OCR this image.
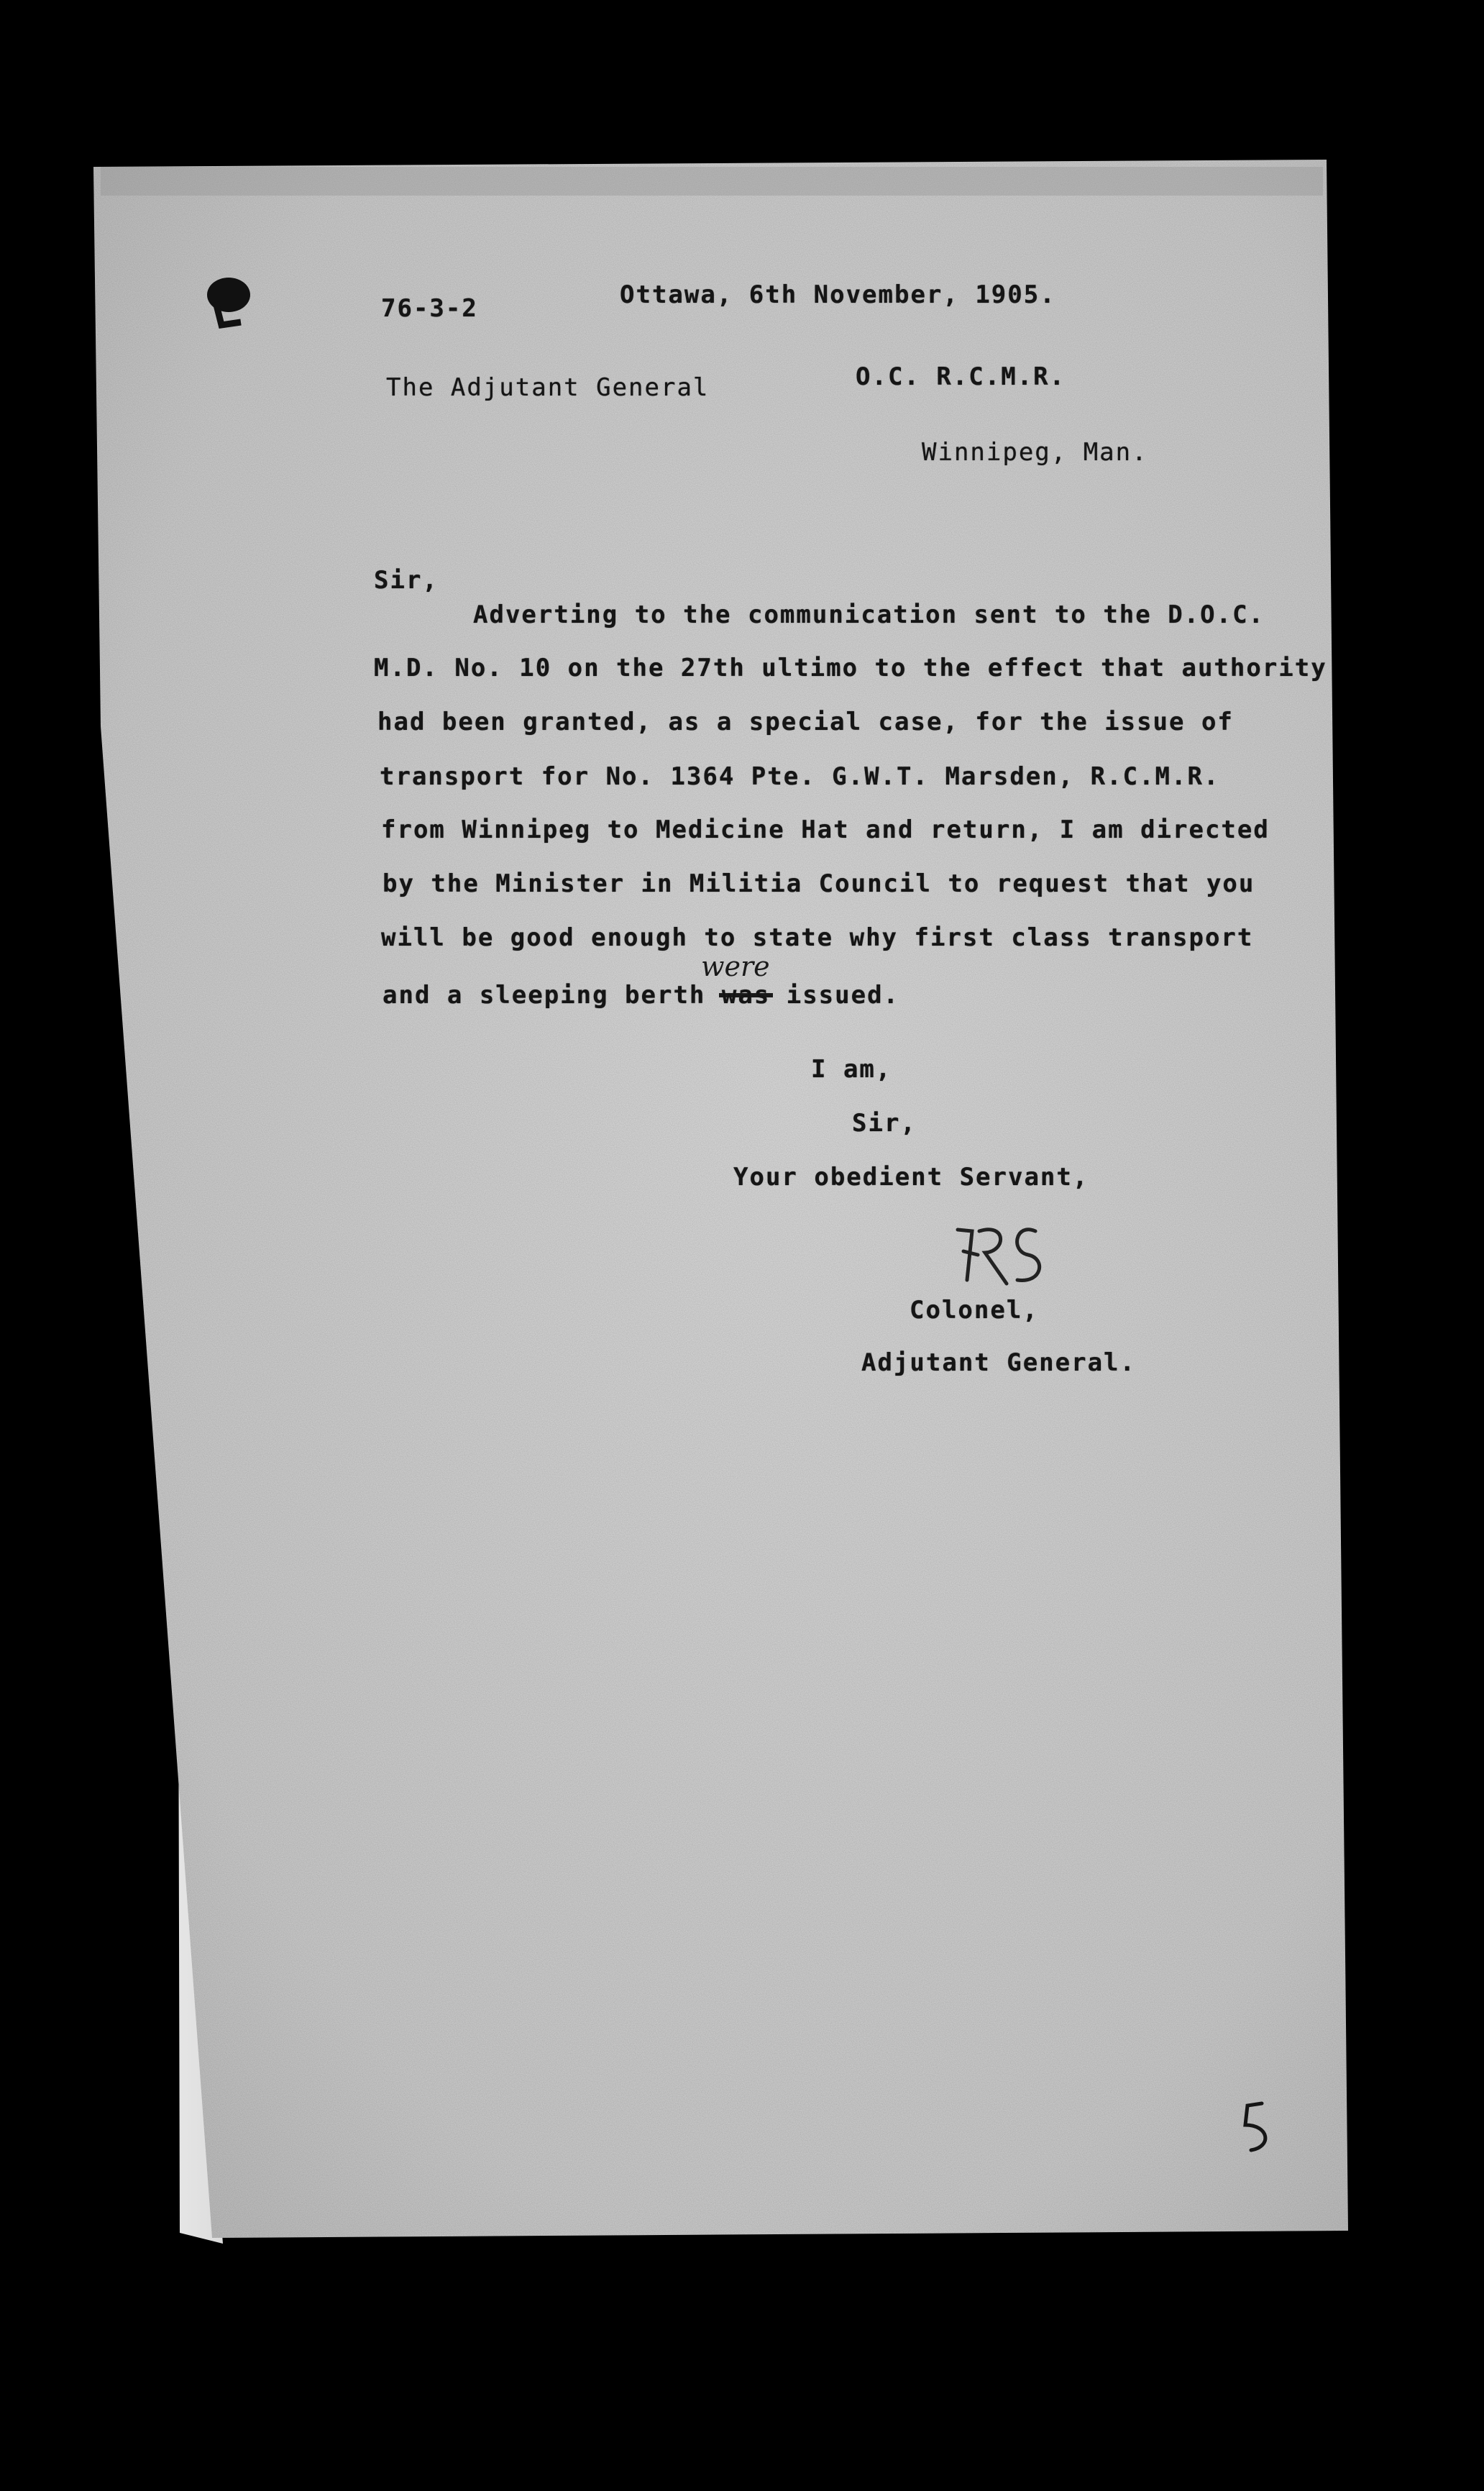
76-3-2	Ottawa, 6th November, 1905.
The Adjutant General	O.C. R.C.M.R.
Winnipeg, Man.
Sir,
Adverting to the communication sent to the D.O.C.
M.D. No. 10 on the 27th ultimo to the effect that authority
had been granted, as a special case, for the issue of
transport for No. 1364 Pte. G.W.T. Marsden, R.C.M.R.
from Winnipeg to Medicine Hat and return, I am directed
by the Minister in Militia Council to request that you
will be good enough to state why first class transport
and a sleeping berth was issued.
were
I am,
Sir,
Your obedient Servant,
Colonel,
Adjutant General.
